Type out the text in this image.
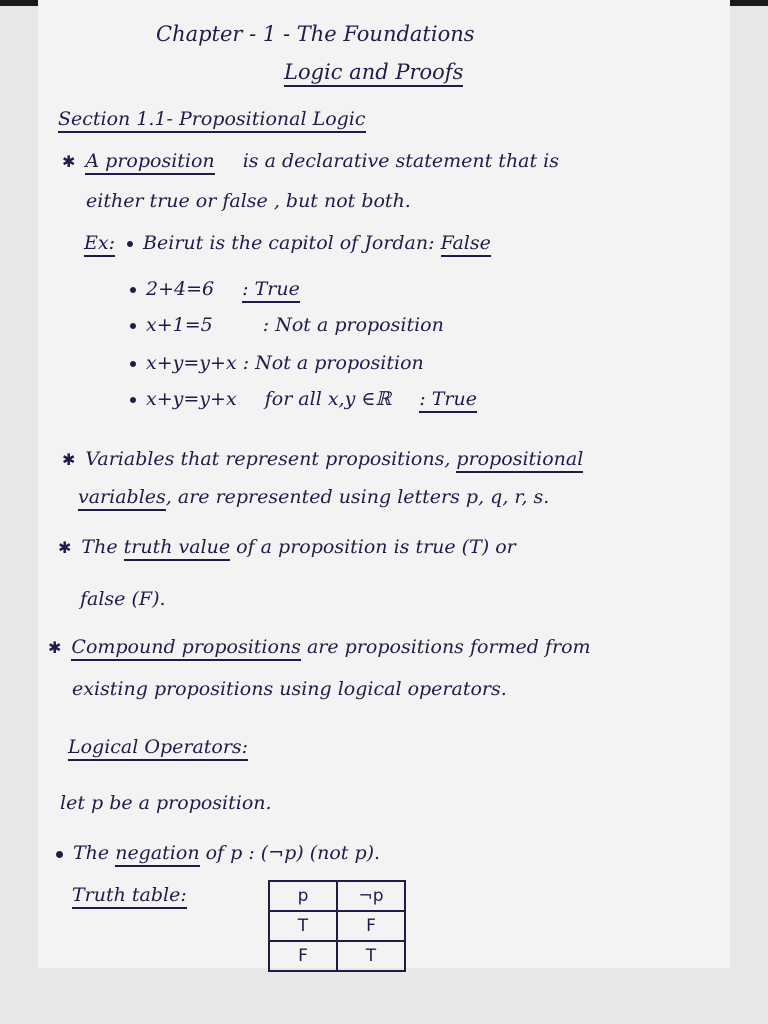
Chapter - 1 - The Foundations
Logic and Proofs
Section 1.1- Propositional Logic
✱ A proposition is a declarative statement that is
either true or false , but not both.
Ex: Beirut is the capitol of Jordan: False
2+4=6 : True
x+1=5	: Not a proposition
x+y=y+x : Not a proposition
x+y=y+x for all x,y ∈ℝ : True
✱ Variables that represent propositions, propositional
variables, are represented using letters p, q, r, s.
✱ The truth value of a proposition is true (T) or
false (F).
✱ Compound propositions are propositions formed from
existing propositions using logical operators.
Logical Operators:
let p be a proposition.
The negation of p : (¬p) (not p).
Truth table:	p	¬p
T	F
F	T
